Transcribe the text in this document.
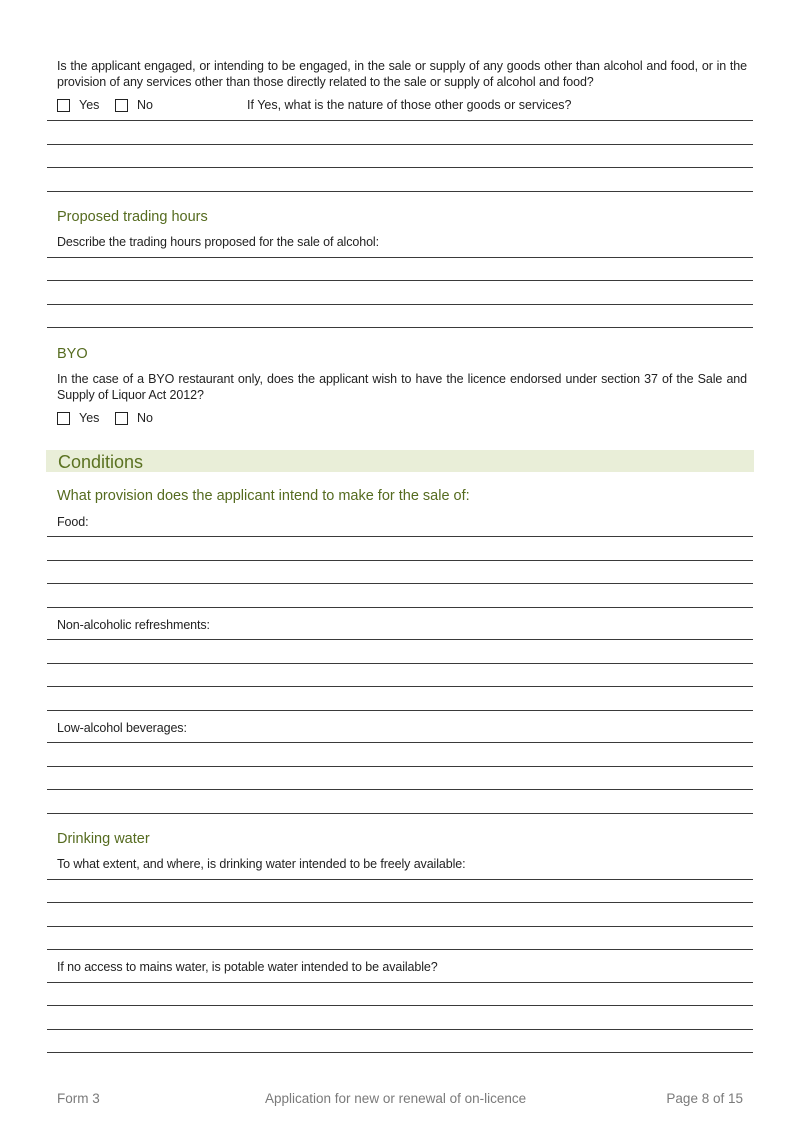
Is the applicant engaged, or intending to be engaged, in the sale or supply of any goods other than alcohol and food, or in the provision of any services other than those directly related to the sale or supply of alcohol and food?
Yes	No	If Yes, what is the nature of those other goods or services?
Proposed trading hours
Describe the trading hours proposed for the sale of alcohol:
BYO
In the case of a BYO restaurant only, does the applicant wish to have the licence endorsed under section 37 of the Sale and Supply of Liquor Act 2012?
Yes	No
Conditions
What provision does the applicant intend to make for the sale of:
Food:
Non-alcoholic refreshments:
Low-alcohol beverages:
Drinking water
To what extent, and where, is drinking water intended to be freely available:
If no access to mains water, is potable water intended to be available?
Form 3	Application for new or renewal of on-licence	Page 8 of 15
